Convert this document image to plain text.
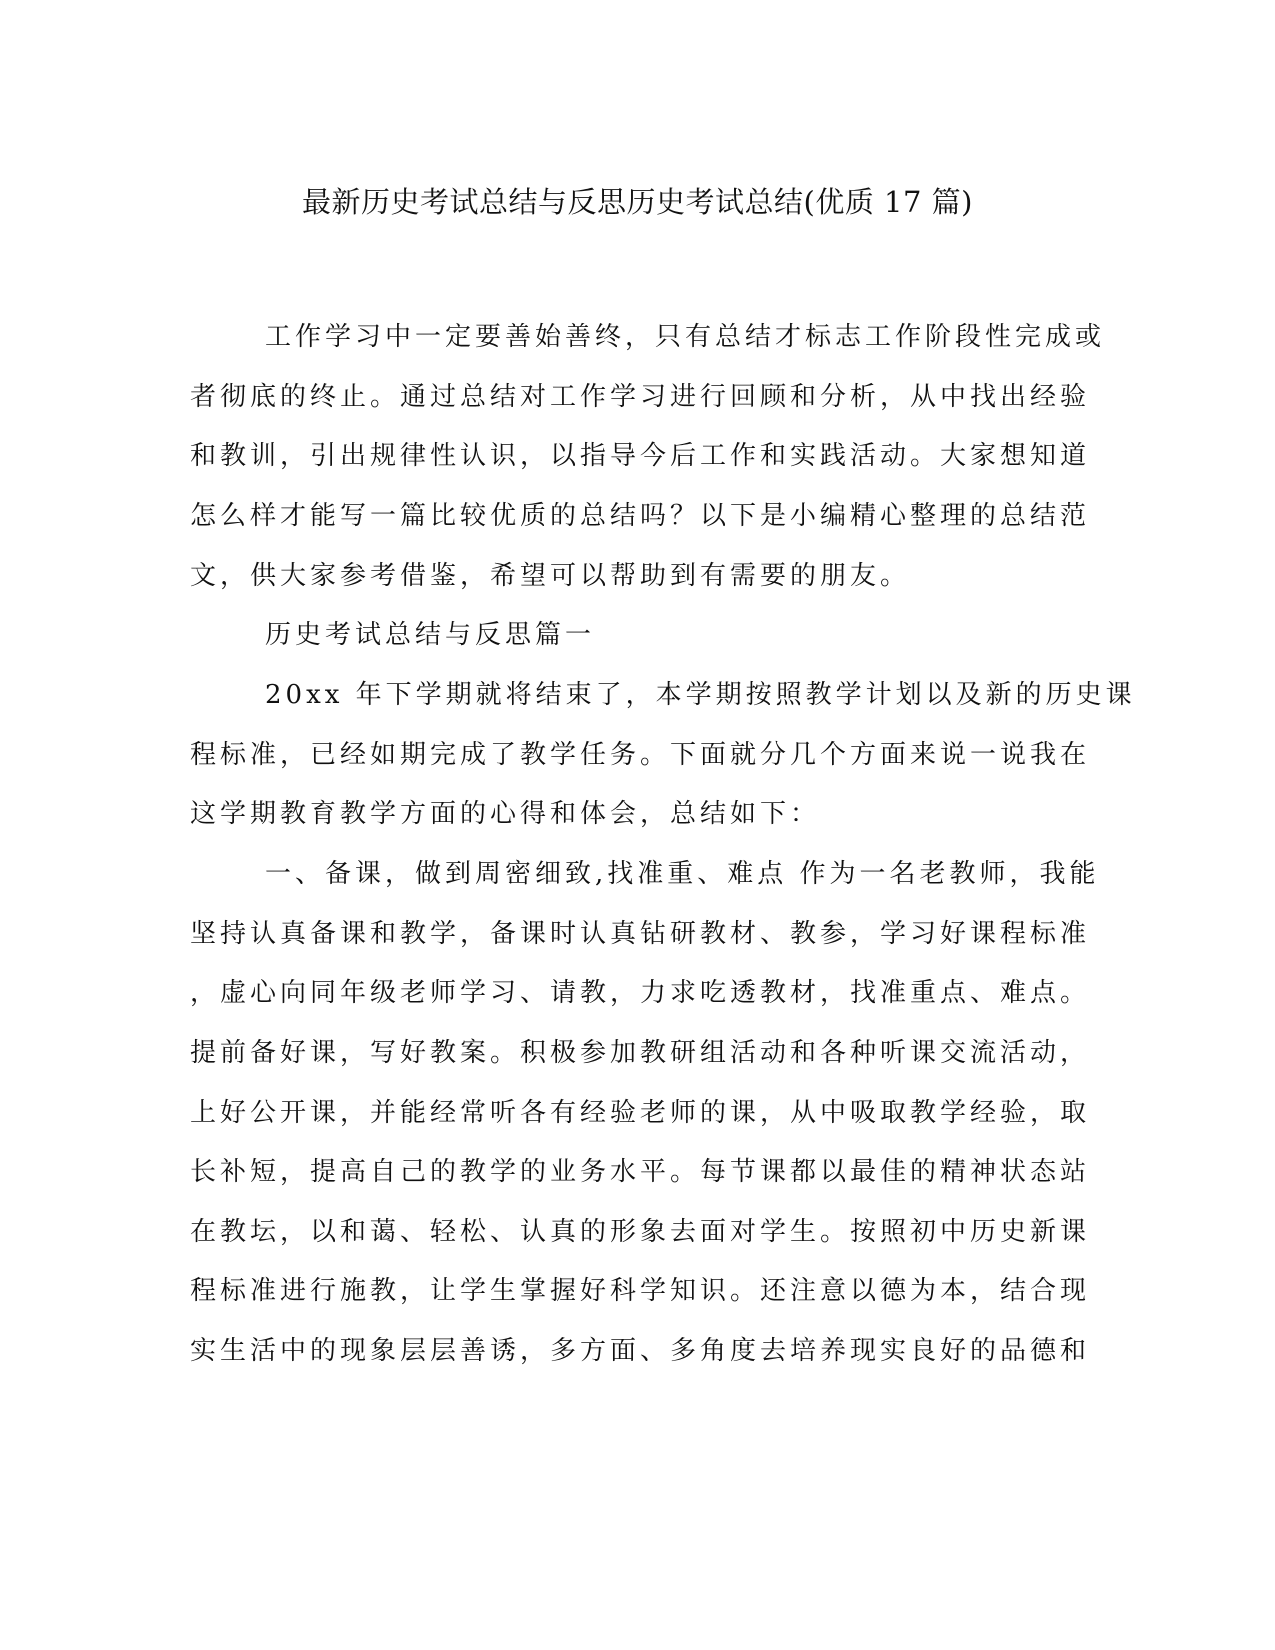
最新历史考试总结与反思历史考试总结(优质 17 篇)

工作学习中一定要善始善终，只有总结才标志工作阶段性完成或

者彻底的终止。通过总结对工作学习进行回顾和分析，从中找出经验

和教训，引出规律性认识，以指导今后工作和实践活动。大家想知道

怎么样才能写一篇比较优质的总结吗？以下是小编精心整理的总结范

文，供大家参考借鉴，希望可以帮助到有需要的朋友。

历史考试总结与反思篇一

20xx 年下学期就将结束了，本学期按照教学计划以及新的历史课

程标准，已经如期完成了教学任务。下面就分几个方面来说一说我在

这学期教育教学方面的心得和体会，总结如下：

一、备课，做到周密细致,找准重、难点 作为一名老教师，我能

坚持认真备课和教学，备课时认真钻研教材、教参，学习好课程标准

，虚心向同年级老师学习、请教，力求吃透教材，找准重点、难点。

提前备好课，写好教案。积极参加教研组活动和各种听课交流活动，

上好公开课，并能经常听各有经验老师的课，从中吸取教学经验，取

长补短，提高自己的教学的业务水平。每节课都以最佳的精神状态站

在教坛，以和蔼、轻松、认真的形象去面对学生。按照初中历史新课

程标准进行施教，让学生掌握好科学知识。还注意以德为本，结合现

实生活中的现象层层善诱，多方面、多角度去培养现实良好的品德和
